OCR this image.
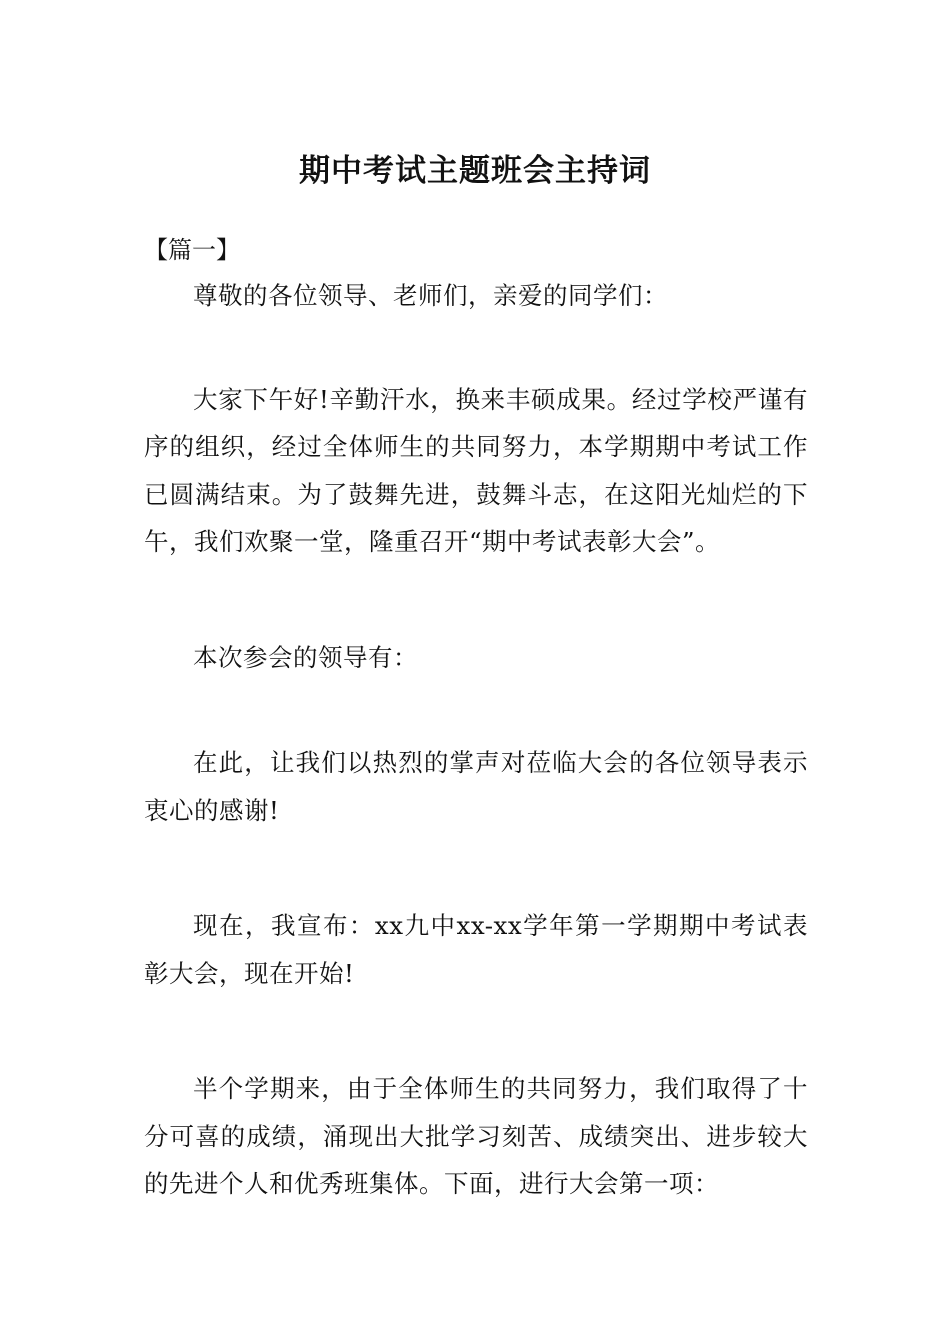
期中考试主题班会主持词
【篇一】

尊敬的各位领导、老师们，亲爱的同学们：

大家下午好!辛勤汗水，换来丰硕成果。经过学校严谨有序的组织，经过全体师生的共同努力，本学期期中考试工作已圆满结束。为了鼓舞先进，鼓舞斗志，在这阳光灿烂的下午，我们欢聚一堂，隆重召开“期中考试表彰大会”。

本次参会的领导有：

在此，让我们以热烈的掌声对莅临大会的各位领导表示衷心的感谢!

现在，我宣布：xx九中xx-xx学年第一学期期中考试表彰大会，现在开始!

半个学期来，由于全体师生的共同努力，我们取得了十分可喜的成绩，涌现出大批学习刻苦、成绩突出、进步较大的先进个人和优秀班集体。下面，进行大会第一项：
